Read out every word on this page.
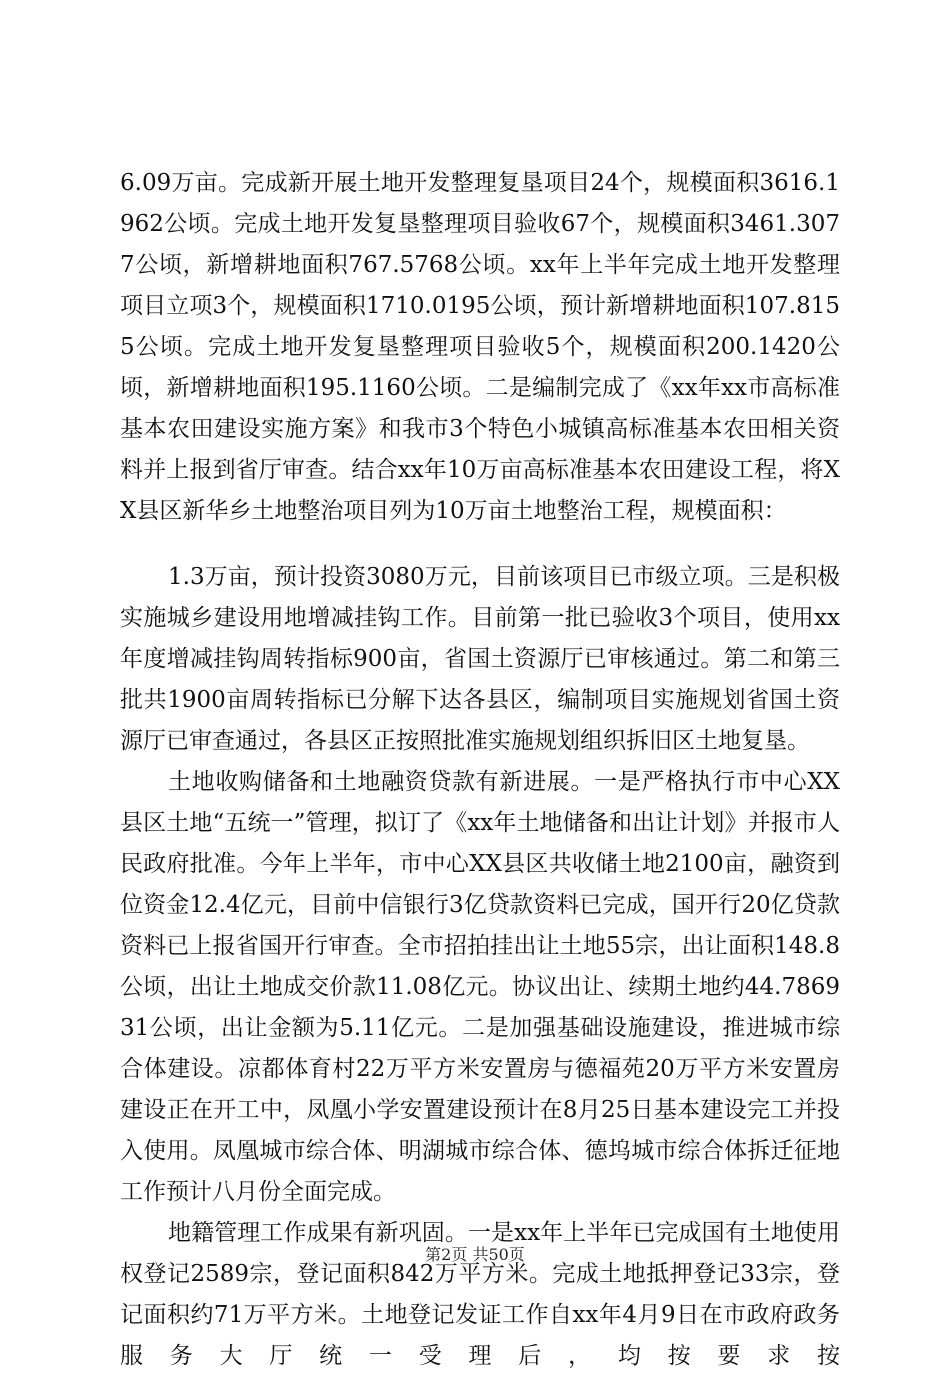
6.09万亩。完成新开展土地开发整理复垦项目24个，规模面积3616.1962公顷。完成土地开发复垦整理项目验收67个，规模面积3461.3077公顷，新增耕地面积767.5768公顷。xx年上半年完成土地开发整理项目立项3个，规模面积1710.0195公顷，预计新增耕地面积107.8155公顷。完成土地开发复垦整理项目验收5个，规模面积200.1420公顷，新增耕地面积195.1160公顷。二是编制完成了《xx年xx市高标准基本农田建设实施方案》和我市3个特色小城镇高标准基本农田相关资料并上报到省厅审查。结合xx年10万亩高标准基本农田建设工程，将XX县区新华乡土地整治项目列为10万亩土地整治工程，规模面积：

1.3万亩，预计投资3080万元，目前该项目已市级立项。三是积极实施城乡建设用地增减挂钩工作。目前第一批已验收3个项目，使用xx年度增减挂钩周转指标900亩，省国土资源厅已审核通过。第二和第三批共1900亩周转指标已分解下达各县区，编制项目实施规划省国土资源厅已审查通过，各县区正按照批准实施规划组织拆旧区土地复垦。

土地收购储备和土地融资贷款有新进展。一是严格执行市中心XX县区土地“五统一”管理，拟订了《xx年土地储备和出让计划》并报市人民政府批准。今年上半年，市中心XX县区共收储土地2100亩，融资到位资金12.4亿元，目前中信银行3亿贷款资料已完成，国开行20亿贷款资料已上报省国开行审查。全市招拍挂出让土地55宗，出让面积148.8公顷，出让土地成交价款11.08亿元。协议出让、续期土地约44.786931公顷，出让金额为5.11亿元。二是加强基础设施建设，推进城市综合体建设。凉都体育村22万平方米安置房与德福苑20万平方米安置房建设正在开工中，凤凰小学安置建设预计在8月25日基本建设完工并投入使用。凤凰城市综合体、明湖城市综合体、德坞城市综合体拆迁征地工作预计八月份全面完成。

地籍管理工作成果有新巩固。一是xx年上半年已完成国有土地使用权登记2589宗，登记面积842万平方米。完成土地抵押登记33宗，登记面积约71万平方米。土地登记发证工作自xx年4月9日在市政府政务服务大厅统一受理后，均按要求按

第2页 共50页
